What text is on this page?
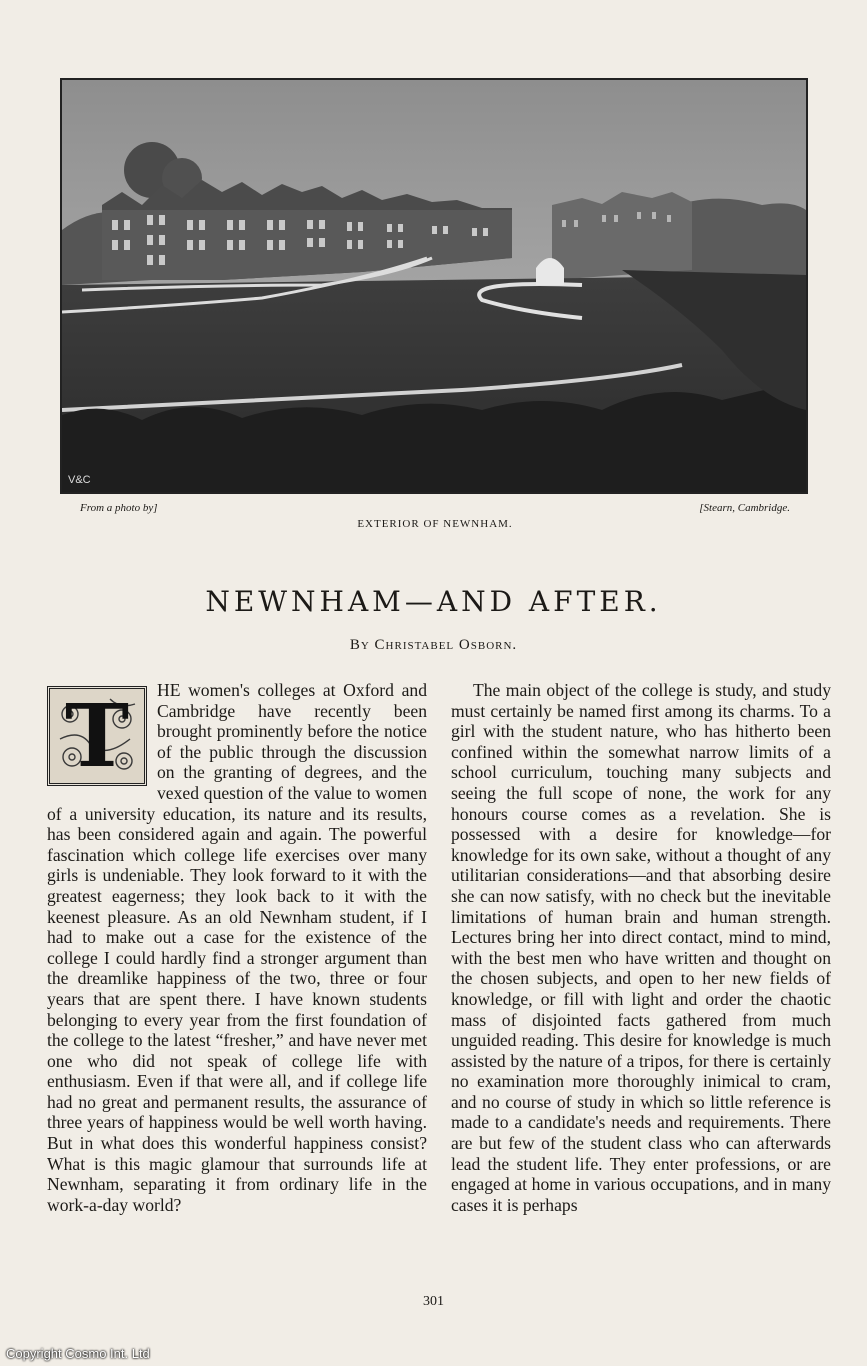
V&C
From a photo by]	[Stearn, Cambridge.
EXTERIOR OF NEWNHAM.
NEWNHAM—AND AFTER.
By Christabel Osborn.
T	HE women's colleges at Oxford and Cambridge have recently been brought prominently before the notice of the public through the discussion on the granting of degrees, and the vexed question of the value to women of a university education, its nature and its results, has been considered again and again. The powerful fascination which college life exercises over many girls is undeniable. They look forward to it with the greatest eagerness; they look back to it with the keenest pleasure. As an old Newnham student, if I had to make out a case for the existence of the college I could hardly find a stronger argument than the dreamlike happiness of the two, three or four years that are spent there. I have known students belonging to every year from the first foundation of the college to the latest “fresher,” and have never met one who did not speak of college life with enthusiasm. Even if that were all, and if college life had no great and permanent results, the assurance of three years of happiness would be well worth having. But in what does this wonderful happiness consist? What is this magic glamour that surrounds life at Newnham, separating it from ordinary life in the work-a-day world?

The main object of the college is study, and study must certainly be named first among its charms. To a girl with the student nature, who has hitherto been confined within the somewhat narrow limits of a school curriculum, touching many subjects and seeing the full scope of none, the work for any honours course comes as a revelation. She is possessed with a desire for knowledge—for knowledge for its own sake, without a thought of any utilitarian considerations—and that absorbing desire she can now satisfy, with no check but the inevitable limitations of human brain and human strength. Lectures bring her into direct contact, mind to mind, with the best men who have written and thought on the chosen subjects, and open to her new fields of knowledge, or fill with light and order the chaotic mass of disjointed facts gathered from much unguided reading. This desire for knowledge is much assisted by the nature of a tripos, for there is certainly no examination more thoroughly inimical to cram, and no course of study in which so little reference is made to a candidate's needs and requirements. There are but few of the student class who can afterwards lead the student life. They enter professions, or are engaged at home in various occupations, and in many cases it is perhaps

301
Copyright Cosmo Int. Ltd
